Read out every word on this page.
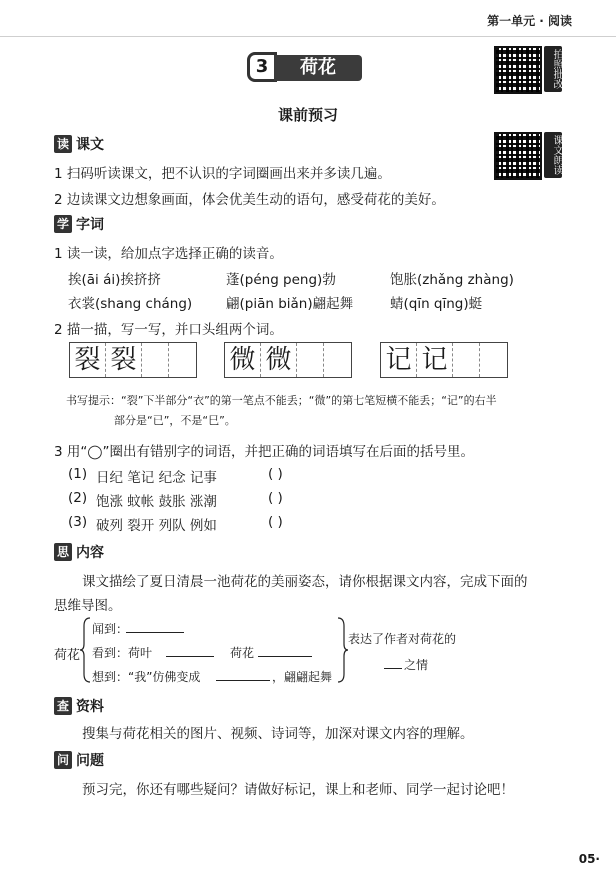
第一单元 · 阅读
拍照批改
课文朗读
3	荷花
课前预习
读 课文
1 扫码听读课文，把不认识的字词圈画出来并多读几遍。
2 边读课文边想象画面，体会优美生动的语句，感受荷花的美好。
学 字词
1 读一读，给加点字选择正确的读音。
挨(āi ái)挨挤挤	蓬(péng peng)勃	饱胀(zhǎng zhàng)
衣裳(shang cháng)	翩(piān biǎn)翩起舞	蜻(qīn qīng)蜓
2 描一描，写一写，并口头组两个词。
裂 裂	微 微	记 记
书写提示：“裂”下半部分“衣”的第一笔点不能丢；“微”的第七笔短横不能丢；“记”的右半
部分是“已”，不是“巳”。
3 用“◯”圈出有错别字的词语，并把正确的词语填写在后面的括号里。
(1) 日纪 笔记 纪念 记事	( )
(2) 饱涨 蚊帐 鼓胀 涨潮	( )
(3) 破列 裂开 列队 例如	( )
思 内容
课文描绘了夏日清晨一池荷花的美丽姿态，请你根据课文内容，完成下面的
思维导图。
荷花
闻到：
看到：荷叶	荷花
想到：“我”仿佛变成	，翩翩起舞
表达了作者对荷花的
之情
查 资料
搜集与荷花相关的图片、视频、诗词等，加深对课文内容的理解。
问 问题
预习完，你还有哪些疑问？请做好标记，课上和老师、同学一起讨论吧！
05·
